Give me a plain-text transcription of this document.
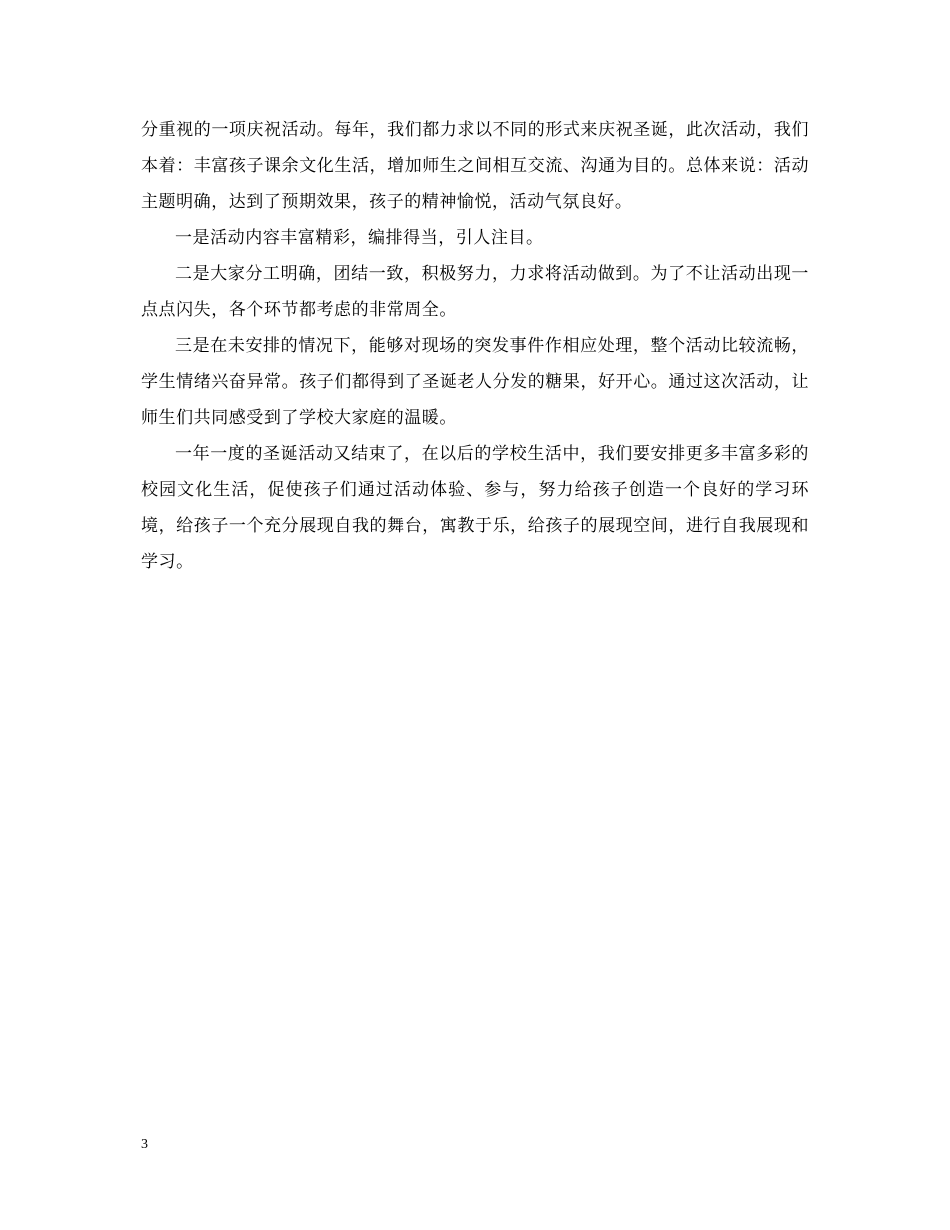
分重视的一项庆祝活动。每年，我们都力求以不同的形式来庆祝圣诞，此次活动，我们本着：丰富孩子课余文化生活，增加师生之间相互交流、沟通为目的。总体来说：活动主题明确，达到了预期效果，孩子的精神愉悦，活动气氛良好。

一是活动内容丰富精彩，编排得当，引人注目。

二是大家分工明确，团结一致，积极努力，力求将活动做到。为了不让活动出现一点点闪失，各个环节都考虑的非常周全。

三是在未安排的情况下，能够对现场的突发事件作相应处理，整个活动比较流畅，学生情绪兴奋异常。孩子们都得到了圣诞老人分发的糖果，好开心。通过这次活动，让师生们共同感受到了学校大家庭的温暖。

一年一度的圣诞活动又结束了，在以后的学校生活中，我们要安排更多丰富多彩的校园文化生活，促使孩子们通过活动体验、参与，努力给孩子创造一个良好的学习环境，给孩子一个充分展现自我的舞台，寓教于乐，给孩子的展现空间，进行自我展现和学习。

3
